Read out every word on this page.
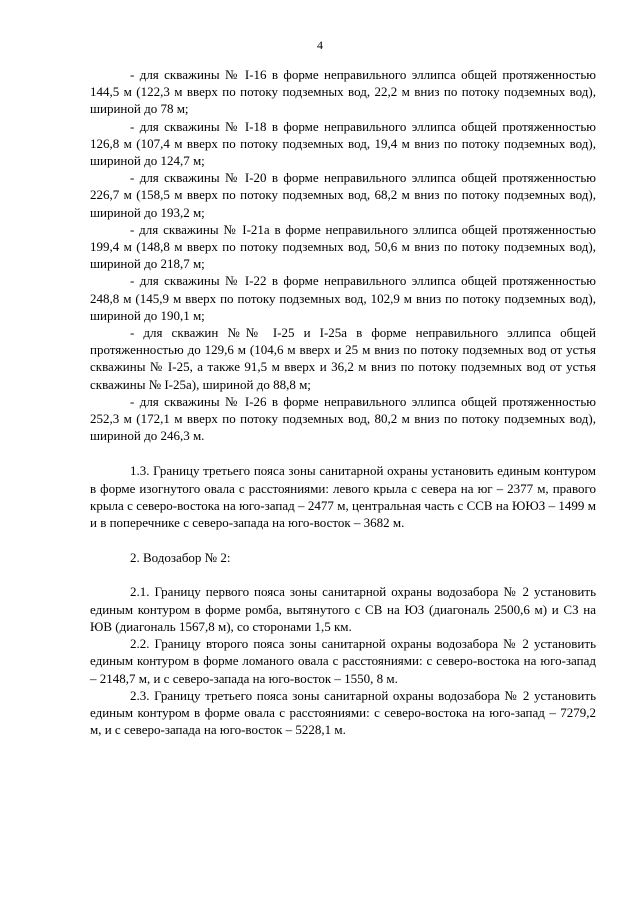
4

- для скважины № I-16 в форме неправильного эллипса общей протяженностью 144,5 м (122,3 м вверх по потоку подземных вод, 22,2 м вниз по потоку подземных вод), шириной до 78 м;

- для скважины № I-18 в форме неправильного эллипса общей протяженностью 126,8 м (107,4 м вверх по потоку подземных вод, 19,4 м вниз по потоку подземных вод), шириной до 124,7 м;

- для скважины № I-20 в форме неправильного эллипса общей протяженностью 226,7 м (158,5 м вверх по потоку подземных вод, 68,2 м вниз по потоку подземных вод), шириной до 193,2 м;

- для скважины № I-21а в форме неправильного эллипса общей протяженностью 199,4 м (148,8 м вверх по потоку подземных вод, 50,6 м вниз по потоку подземных вод), шириной до 218,7 м;

- для скважины № I-22 в форме неправильного эллипса общей протяженностью 248,8 м (145,9 м вверх по потоку подземных вод, 102,9 м вниз по потоку подземных вод), шириной до 190,1 м;

- для скважин №№ I-25 и I-25а в форме неправильного эллипса общей протяженностью до 129,6 м (104,6 м вверх и 25 м вниз по потоку подземных вод от устья скважины № I-25, а также 91,5 м вверх и 36,2 м вниз по потоку подземных вод от устья скважины № I-25а), шириной до 88,8 м;

- для скважины № I-26 в форме неправильного эллипса общей протяженностью 252,3 м (172,1 м вверх по потоку подземных вод, 80,2 м вниз по потоку подземных вод), шириной до 246,3 м.

1.3. Границу третьего пояса зоны санитарной охраны установить единым контуром в форме изогнутого овала с расстояниями: левого крыла с севера на юг – 2377 м, правого крыла с северо-востока на юго-запад – 2477 м, центральная часть с ССВ на ЮЮЗ – 1499 м и в поперечнике с северо-запада на юго-восток – 3682 м.

2. Водозабор № 2:

2.1. Границу первого пояса зоны санитарной охраны водозабора № 2 установить единым контуром в форме ромба, вытянутого с СВ на ЮЗ (диагональ 2500,6 м) и СЗ на ЮВ (диагональ 1567,8 м), со сторонами 1,5 км.

2.2. Границу второго пояса зоны санитарной охраны водозабора № 2 установить единым контуром в форме ломаного овала с расстояниями: с северо-востока на юго-запад – 2148,7 м, и с северо-запада на юго-восток – 1550, 8 м.

2.3. Границу третьего пояса зоны санитарной охраны водозабора № 2 установить единым контуром в форме овала с расстояниями: с северо-востока на юго-запад – 7279,2 м, и с северо-запада на юго-восток – 5228,1 м.
